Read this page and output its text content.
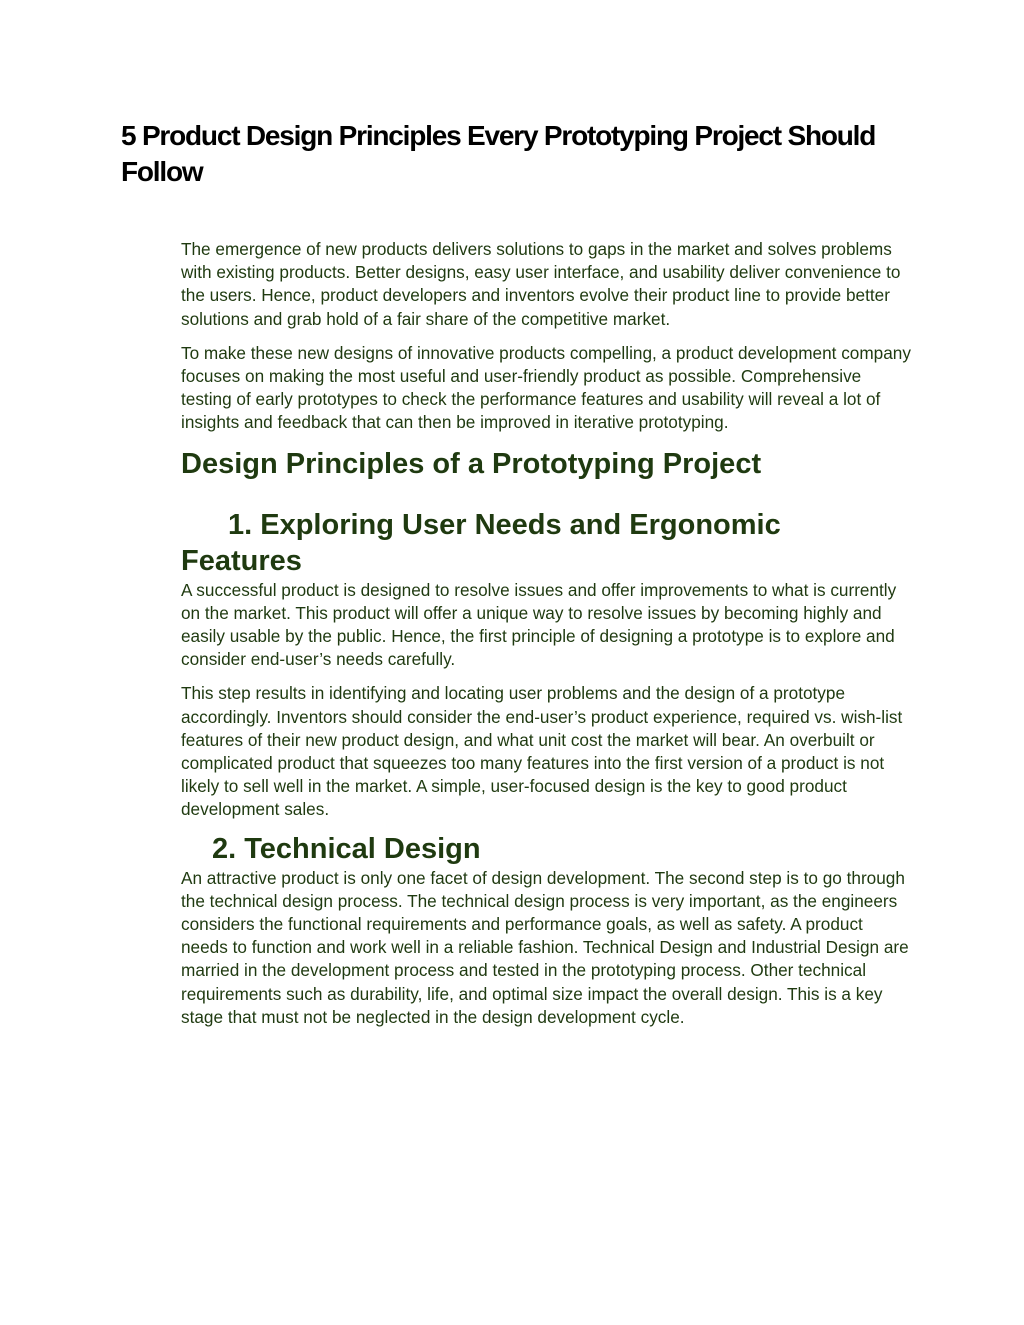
5 Product Design Principles Every Prototyping Project Should Follow

The emergence of new products delivers solutions to gaps in the market and solves problems with existing products. Better designs, easy user interface, and usability deliver convenience to the users. Hence, product developers and inventors evolve their product line to provide better solutions and grab hold of a fair share of the competitive market.

To make these new designs of innovative products compelling, a product development company focuses on making the most useful and user-friendly product as possible. Comprehensive testing of early prototypes to check the performance features and usability will reveal a lot of insights and feedback that can then be improved in iterative prototyping.

Design Principles of a Prototyping Project
1. Exploring User Needs and Ergonomic
Features

A successful product is designed to resolve issues and offer improvements to what is currently on the market. This product will offer a unique way to resolve issues by becoming highly and easily usable by the public. Hence, the first principle of designing a prototype is to explore and consider end-user’s needs carefully.

This step results in identifying and locating user problems and the design of a prototype accordingly. Inventors should consider the end-user’s product experience, required vs. wish-list features of their new product design, and what unit cost the market will bear. An overbuilt or complicated product that squeezes too many features into the first version of a product is not likely to sell well in the market. A simple, user-focused design is the key to good product development sales.

2. Technical Design

An attractive product is only one facet of design development. The second step is to go through the technical design process. The technical design process is very important, as the engineers considers the functional requirements and performance goals, as well as safety. A product needs to function and work well in a reliable fashion. Technical Design and Industrial Design are married in the development process and tested in the prototyping process. Other technical requirements such as durability, life, and optimal size impact the overall design. This is a key stage that must not be neglected in the design development cycle.
